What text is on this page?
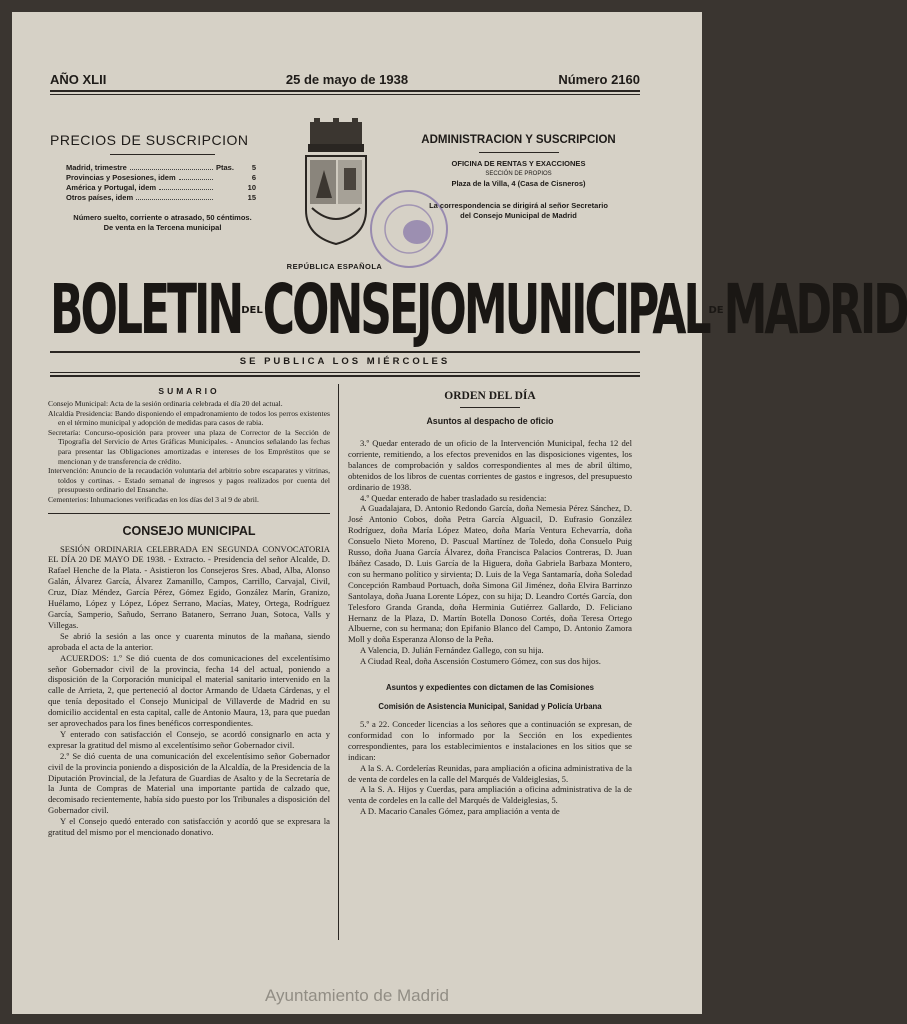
AÑO XLII	25 de mayo de 1938	Número 2160
PRECIOS DE SUSCRIPCION
Madrid, trimestre	Ptas.	5
Provincias y Posesiones, idem	6
América y Portugal, idem	10
Otros países, idem	15
Número suelto, corriente o atrasado, 50 céntimos.
De venta en la Tercena municipal
REPÚBLICA ESPAÑOLA
ADMINISTRACION Y SUSCRIPCION
OFICINA DE RENTAS Y EXACCIONES
SECCIÓN DE PROPIOS
Plaza de la Villa, 4 (Casa de Cisneros)
La correspondencia se dirigirá al señor Secretario
del Consejo Municipal de Madrid
BOLETIN DEL CONSEJO MUNICIPAL DE MADRID
SE PUBLICA LOS MIÉRCOLES
SUMARIO

Consejo Municipal: Acta de la sesión ordinaria celebrada el día 20 del actual.

Alcaldía Presidencia: Bando disponiendo el empadronamiento de todos los perros existentes en el término municipal y adopción de medidas para casos de rabia.

Secretaría: Concurso-oposición para proveer una plaza de Corrector de la Sección de Tipografía del Servicio de Artes Gráficas Municipales. - Anuncios señalando las fechas para presentar las Obligaciones amortizadas e intereses de los Empréstitos que se mencionan y de transferencia de crédito.

Intervención: Anuncio de la recaudación voluntaria del arbitrio sobre escaparates y vitrinas, toldos y cortinas. - Estado semanal de ingresos y pagos realizados por cuenta del presupuesto ordinario del Ensanche.

Cementerios: Inhumaciones verificadas en los días del 3 al 9 de abril.

CONSEJO MUNICIPAL

SESIÓN ORDINARIA CELEBRADA EN SEGUNDA CONVOCATORIA EL DÍA 20 DE MAYO DE 1938. - Extracto. - Presidencia del señor Alcalde, D. Rafael Henche de la Plata. - Asistieron los Consejeros Sres. Abad, Alba, Alonso Galán, Álvarez García, Álvarez Zamanillo, Campos, Carrillo, Carvajal, Civil, Cruz, Díaz Méndez, García Pérez, Gómez Egido, González Marín, Granizo, Huélamo, López y López, López Serrano, Macías, Matey, Ortega, Rodríguez García, Samperio, Sañudo, Serrano Batanero, Serrano Juan, Sotoca, Valls y Villegas.

Se abrió la sesión a las once y cuarenta minutos de la mañana, siendo aprobada el acta de la anterior.

ACUERDOS: 1.º Se dió cuenta de dos comunicaciones del excelentísimo señor Gobernador civil de la provincia, fecha 14 del actual, poniendo a disposición de la Corporación municipal el material sanitario intervenido en la calle de Arrieta, 2, que perteneció al doctor Armando de Udaeta Cárdenas, y el que tenía depositado el Consejo Municipal de Villaverde de Madrid en su domicilio accidental en esta capital, calle de Antonio Maura, 13, para que puedan ser aprovechados para los fines benéficos correspondientes.

Y enterado con satisfacción el Consejo, se acordó consignarlo en acta y expresar la gratitud del mismo al excelentísimo señor Gobernador civil.

2.º Se dió cuenta de una comunicación del excelentísimo señor Gobernador civil de la provincia poniendo a disposición de la Alcaldía, de la Presidencia de la Diputación Provincial, de la Jefatura de Guardias de Asalto y de la Secretaría de la Junta de Compras de Material una importante partida de calzado que, decomisado recientemente, había sido puesto por los Tribunales a disposición del Gobernador civil.

Y el Consejo quedó enterado con satisfacción y acordó que se expresara la gratitud del mismo por el mencionado donativo.

ORDEN DEL DÍA
Asuntos al despacho de oficio

3.º Quedar enterado de un oficio de la Intervención Municipal, fecha 12 del corriente, remitiendo, a los efectos prevenidos en las disposiciones vigentes, los balances de comprobación y saldos correspondientes al mes de abril último, obtenidos de los libros de cuentas corrientes de gastos e ingresos, del presupuesto ordinario de 1938.

4.º Quedar enterado de haber trasladado su residencia:

A Guadalajara, D. Antonio Redondo García, doña Nemesia Pérez Sánchez, D. José Antonio Cobos, doña Petra García Alguacil, D. Eufrasio González Rodríguez, doña María López Mateo, doña María Ventura Echevarría, doña Consuelo Nieto Moreno, D. Pascual Martínez de Toledo, doña Consuelo Puig Russo, doña Juana García Álvarez, doña Francisca Palacios Contreras, D. Juan Ibáñez Casado, D. Luis García de la Higuera, doña Gabriela Barbaza Montero, con su hermano político y sirvienta; D. Luis de la Vega Santamaría, doña Soledad Concepción Rambaud Portuach, doña Simona Gil Jiménez, doña Elvira Barrinzo Santolaya, doña Juana Lorente López, con su hija; D. Leandro Cortés García, don Telesforo Granda Granda, doña Herminia Gutiérrez Gallardo, D. Feliciano Hernanz de la Plaza, D. Martín Botella Donoso Cortés, doña Teresa Ortego Albuerne, con su hermana; don Epifanio Blanco del Campo, D. Antonio Zamora Moll y doña Esperanza Alonso de la Peña.

A Valencia, D. Julián Fernández Gallego, con su hija.

A Ciudad Real, doña Ascensión Costumero Gómez, con sus dos hijos.

Asuntos y expedientes con dictamen de las Comisiones
Comisión de Asistencia Municipal, Sanidad y Policía Urbana

5.º a 22. Conceder licencias a los señores que a continuación se expresan, de conformidad con lo informado por la Sección en los expedientes correspondientes, para los establecimientos e instalaciones en los sitios que se indican:

A la S. A. Cordelerías Reunidas, para ampliación a oficina administrativa de la de venta de cordeles en la calle del Marqués de Valdeiglesias, 5.

A la S. A. Hijos y Cuerdas, para ampliación a oficina administrativa de la de venta de cordeles en la calle del Marqués de Valdeiglesias, 5.

A D. Macario Canales Gómez, para ampliación a venta de

Ayuntamiento de Madrid
